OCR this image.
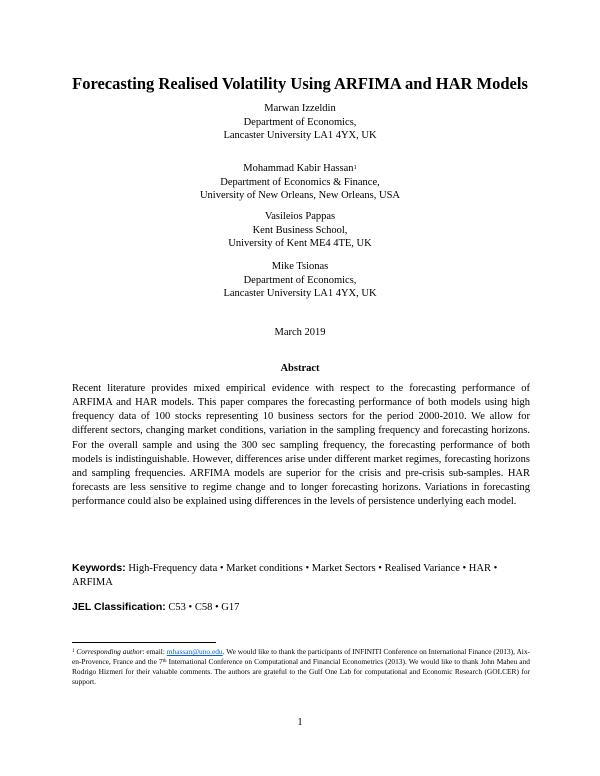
Forecasting Realised Volatility Using ARFIMA and HAR Models
Marwan Izzeldin
Department of Economics,
Lancaster University LA1 4YX, UK
Mohammad Kabir Hassan$^1$
Department of Economics & Finance,
University of New Orleans, New Orleans, USA
Vasileios Pappas
Kent Business School,
University of Kent ME4 4TE, UK
Mike Tsionas
Department of Economics,
Lancaster University LA1 4YX, UK
March 2019
Abstract
Recent literature provides mixed empirical evidence with respect to the forecasting performance of ARFIMA and HAR models. This paper compares the forecasting performance of both models using high frequency data of 100 stocks representing 10 business sectors for the period 2000-2010. We allow for different sectors, changing market conditions, variation in the sampling frequency and forecasting horizons. For the overall sample and using the 300 sec sampling frequency, the forecasting performance of both models is indistinguishable. However, differences arise under different market regimes, forecasting horizons and sampling frequencies. ARFIMA models are superior for the crisis and pre-crisis sub-samples. HAR forecasts are less sensitive to regime change and to longer forecasting horizons. Variations in forecasting performance could also be explained using differences in the levels of persistence underlying each model.
Keywords: High-Frequency data • Market conditions • Market Sectors • Realised Variance • HAR • ARFIMA
JEL Classification: C53 • C58 • G17
$^1$ Corresponding author: email: mhassan@uno.edu. We would like to thank the participants of INFINITI Conference on International Finance (2013), Aix-en-Provence, France and the 7th International Conference on Computational and Financial Econometrics (2013). We would like to thank John Maheu and Rodrigo Hizmeri for their valuable comments. The authors are grateful to the Gulf One Lab for computational and Economic Research (GOLCER) for support.
1
